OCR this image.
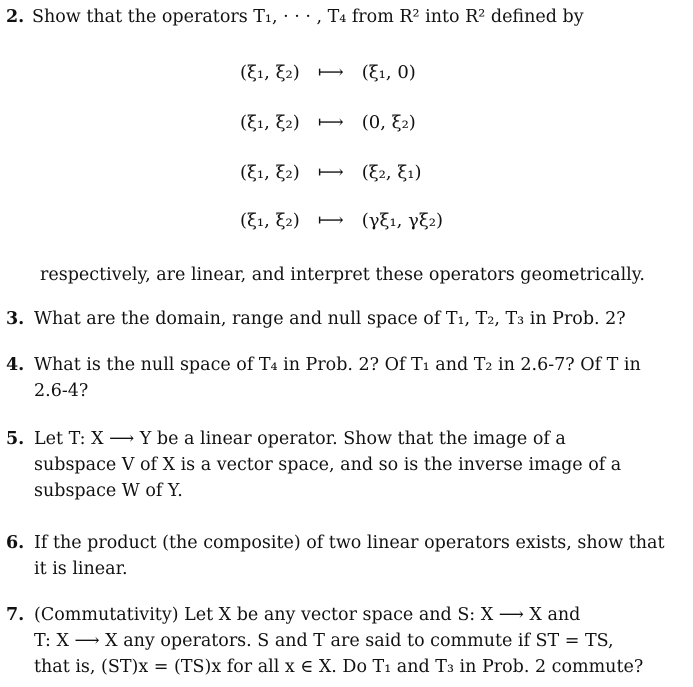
2. Show that the operators T₁, · · · , T₄ from R² into R² defined by
(ξ₁, ξ₂) ⟼ (ξ₁, 0)
(ξ₁, ξ₂) ⟼ (0, ξ₂)
(ξ₁, ξ₂) ⟼ (ξ₂, ξ₁)
(ξ₁, ξ₂) ⟼ (γξ₁, γξ₂)
respectively, are linear, and interpret these operators geometrically.
3. What are the domain, range and null space of T₁, T₂, T₃ in Prob. 2?
4. What is the null space of T₄ in Prob. 2? Of T₁ and T₂ in 2.6-7? Of T in
2.6-4?
5. Let T: X ⟶ Y be a linear operator. Show that the image of a
subspace V of X is a vector space, and so is the inverse image of a
subspace W of Y.
6. If the product (the composite) of two linear operators exists, show that
it is linear.
7. (Commutativity) Let X be any vector space and S: X ⟶ X and
T: X ⟶ X any operators. S and T are said to commute if ST = TS,
that is, (ST)x = (TS)x for all x ∈ X. Do T₁ and T₃ in Prob. 2 commute?
